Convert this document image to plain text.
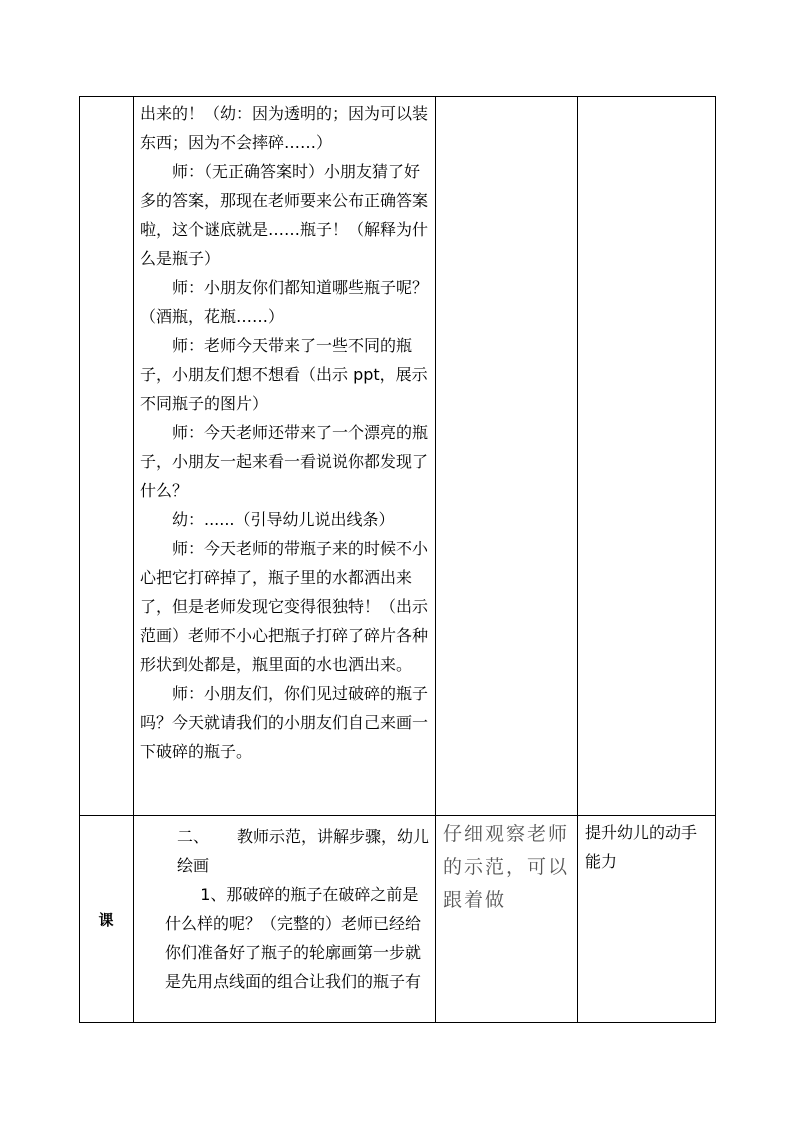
出来的！（幼：因为透明的；因为可以装

东西；因为不会摔碎……）

师：（无正确答案时）小朋友猜了好多的答案，那现在老师要来公布正确答案啦，这个谜底就是……瓶子！（解释为什么是瓶子）

师：小朋友你们都知道哪些瓶子呢？（酒瓶，花瓶……）

师：老师今天带来了一些不同的瓶子，小朋友们想不想看（出示 ppt，展示不同瓶子的图片）

师：今天老师还带来了一个漂亮的瓶子，小朋友一起来看一看说说你都发现了什么？

幼：......（引导幼儿说出线条）

师：今天老师的带瓶子来的时候不小心把它打碎掉了，瓶子里的水都洒出来了，但是老师发现它变得很独特！（出示范画）老师不小心把瓶子打碎了碎片各种形状到处都是，瓶里面的水也洒出来。

师：小朋友们，你们见过破碎的瓶子吗？今天就请我们的小朋友们自己来画一下破碎的瓶子。

课

二、 教师示范，讲解步骤，幼儿绘画

1、那破碎的瓶子在破碎之前是什么样的呢？（完整的）老师已经给你们准备好了瓶子的轮廓画第一步就是先用点线面的组合让我们的瓶子有

仔细观察老师的示范，可以跟着做
提升幼儿的动手能力
